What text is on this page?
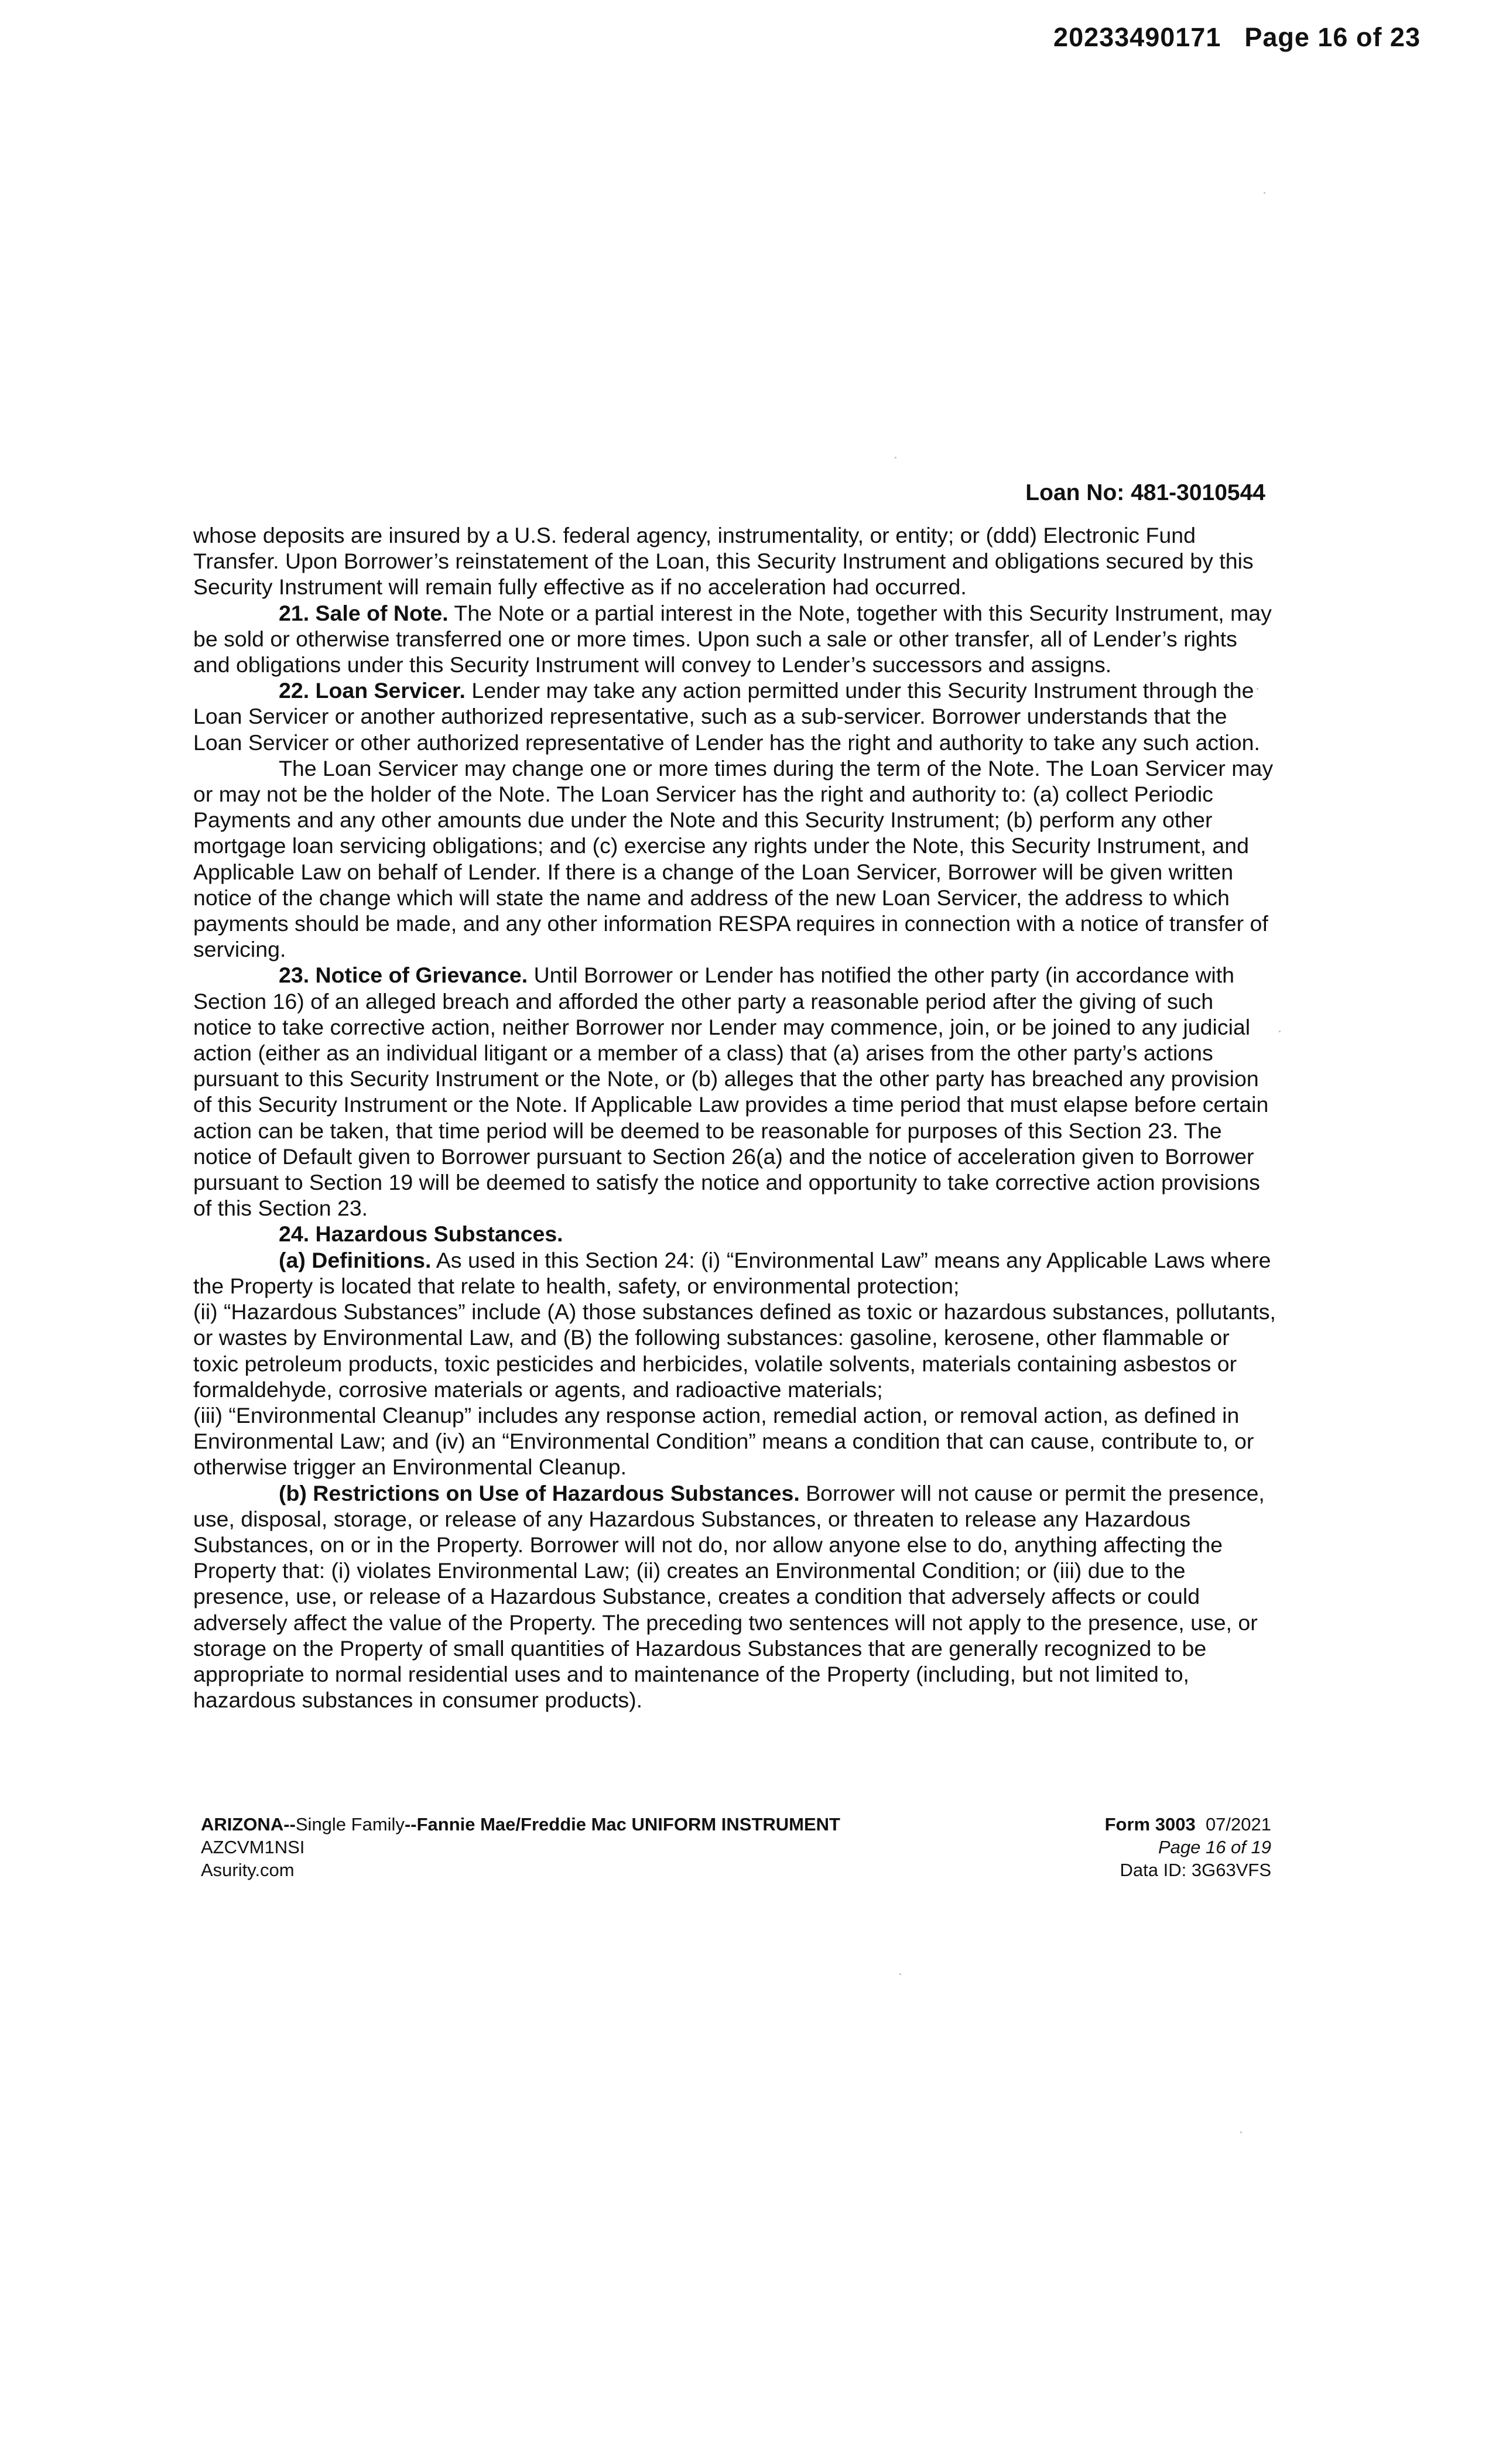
20233490171 Page 16 of 23
Loan No: 481-3010544

whose deposits are insured by a U.S. federal agency, instrumentality, or entity; or (ddd) Electronic Fund Transfer. Upon Borrower’s reinstatement of the Loan, this Security Instrument and obligations secured by this Security Instrument will remain fully effective as if no acceleration had occurred.

21. Sale of Note. The Note or a partial interest in the Note, together with this Security Instrument, may be sold or otherwise transferred one or more times. Upon such a sale or other transfer, all of Lender’s rights and obligations under this Security Instrument will convey to Lender’s successors and assigns.

22. Loan Servicer. Lender may take any action permitted under this Security Instrument through the Loan Servicer or another authorized representative, such as a sub-servicer. Borrower understands that the Loan Servicer or other authorized representative of Lender has the right and authority to take any such action.

The Loan Servicer may change one or more times during the term of the Note. The Loan Servicer may or may not be the holder of the Note. The Loan Servicer has the right and authority to: (a) collect Periodic Payments and any other amounts due under the Note and this Security Instrument; (b) perform any other mortgage loan servicing obligations; and (c) exercise any rights under the Note, this Security Instrument, and Applicable Law on behalf of Lender. If there is a change of the Loan Servicer, Borrower will be given written notice of the change which will state the name and address of the new Loan Servicer, the address to which payments should be made, and any other information RESPA requires in connection with a notice of transfer of servicing.

23. Notice of Grievance. Until Borrower or Lender has notified the other party (in accordance with Section 16) of an alleged breach and afforded the other party a reasonable period after the giving of such notice to take corrective action, neither Borrower nor Lender may commence, join, or be joined to any judicial action (either as an individual litigant or a member of a class) that (a) arises from the other party’s actions pursuant to this Security Instrument or the Note, or (b) alleges that the other party has breached any provision of this Security Instrument or the Note. If Applicable Law provides a time period that must elapse before certain action can be taken, that time period will be deemed to be reasonable for purposes of this Section 23. The notice of Default given to Borrower pursuant to Section 26(a) and the notice of acceleration given to Borrower pursuant to Section 19 will be deemed to satisfy the notice and opportunity to take corrective action provisions of this Section 23.

24. Hazardous Substances.

(a) Definitions. As used in this Section 24: (i) “Environmental Law” means any Applicable Laws where the Property is located that relate to health, safety, or environmental protection;

(ii) “Hazardous Substances” include (A) those substances defined as toxic or hazardous substances, pollutants, or wastes by Environmental Law, and (B) the following substances: gasoline, kerosene, other flammable or toxic petroleum products, toxic pesticides and herbicides, volatile solvents, materials containing asbestos or formaldehyde, corrosive materials or agents, and radioactive materials;

(iii) “Environmental Cleanup” includes any response action, remedial action, or removal action, as defined in Environmental Law; and (iv) an “Environmental Condition” means a condition that can cause, contribute to, or otherwise trigger an Environmental Cleanup.

(b) Restrictions on Use of Hazardous Substances. Borrower will not cause or permit the presence, use, disposal, storage, or release of any Hazardous Substances, or threaten to release any Hazardous Substances, on or in the Property. Borrower will not do, nor allow anyone else to do, anything affecting the Property that: (i) violates Environmental Law; (ii) creates an Environmental Condition; or (iii) due to the presence, use, or release of a Hazardous Substance, creates a condition that adversely affects or could adversely affect the value of the Property. The preceding two sentences will not apply to the presence, use, or storage on the Property of small quantities of Hazardous Substances that are generally recognized to be appropriate to normal residential uses and to maintenance of the Property (including, but not limited to, hazardous substances in consumer products).

ARIZONA--Single Family--Fannie Mae/Freddie Mac UNIFORM INSTRUMENT
AZCVM1NSI
Asurity.com
Form 3003 07/2021
Page 16 of 19
Data ID: 3G63VFS
